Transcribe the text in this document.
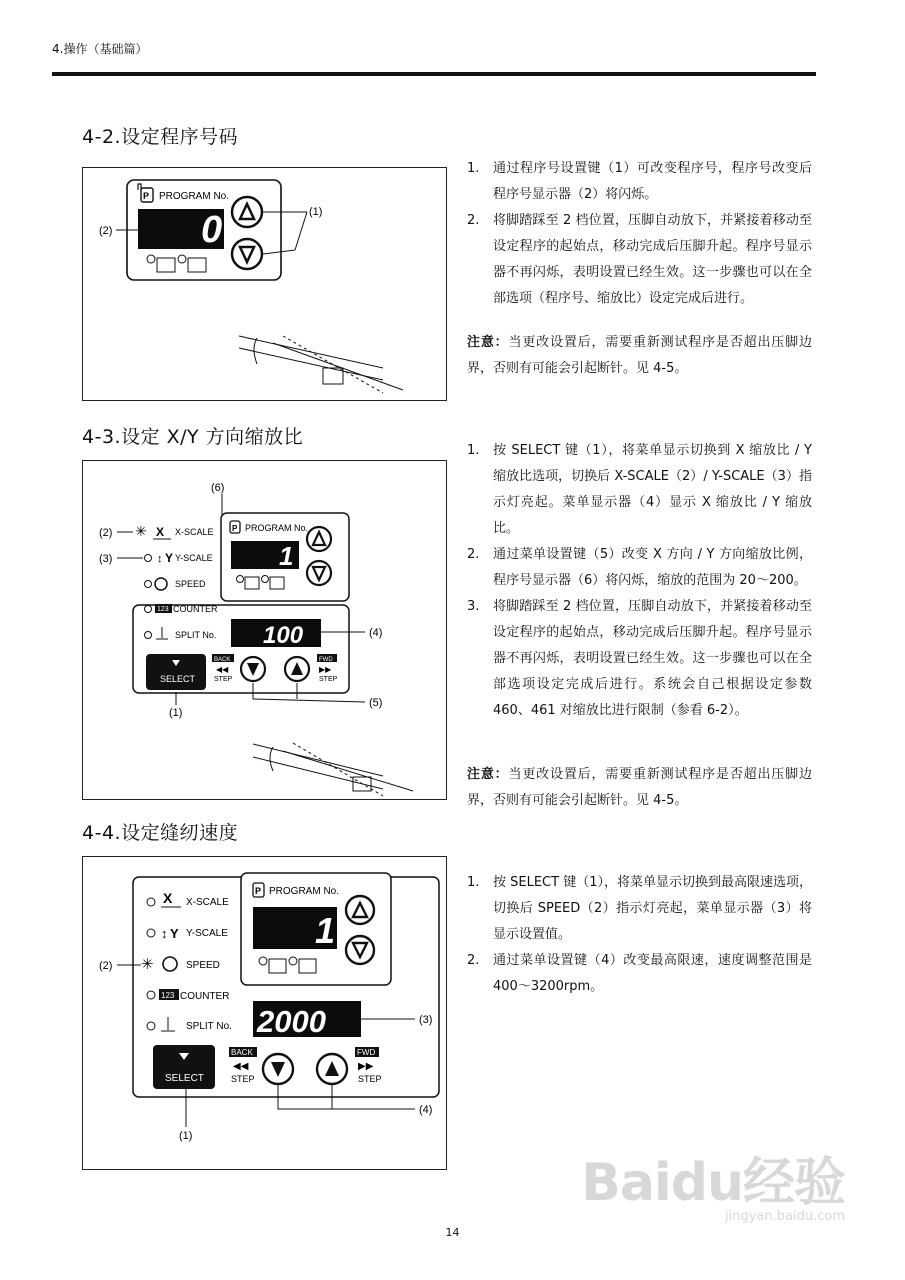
4.操作（基础篇）
4-2.设定程序号码
P PROGRAM No.
0
(2)
(1)
1. 通过程序号设置键（1）可改变程序号，程序号改变后程序号显示器（2）将闪烁。
2. 将脚踏踩至 2 档位置，压脚自动放下，并紧接着移动至设定程序的起始点，移动完成后压脚升起。程序号显示器不再闪烁，表明设置已经生效。这一步骤也可以在全部选项（程序号、缩放比）设定完成后进行。
注意：当更改设置后，需要重新测试程序是否超出压脚边界，否则有可能会引起断针。见 4-5。
4-3.设定 X/Y 方向缩放比
(6)
P PROGRAM No.
1
✳ X X-SCALE
↕ Y Y-SCALE
SPEED
123 COUNTER
SPLIT No. 100
SELECT
BACK
◀◀
STEP
FWD
▶▶
STEP
(2)
(3)
(4)
(5)
(1)
1. 按 SELECT 键（1），将菜单显示切换到 X 缩放比 / Y 缩放比选项，切换后 X-SCALE（2）/ Y-SCALE（3）指示灯亮起。菜单显示器（4）显示 X 缩放比 / Y 缩放比。
2. 通过菜单设置键（5）改变 X 方向 / Y 方向缩放比例，程序号显示器（6）将闪烁，缩放的范围为 20～200。
3. 将脚踏踩至 2 档位置，压脚自动放下，并紧接着移动至设定程序的起始点，移动完成后压脚升起。程序号显示器不再闪烁，表明设置已经生效。这一步骤也可以在全部选项设定完成后进行。系统会自己根据设定参数 460、461 对缩放比进行限制（参看 6-2）。
注意：当更改设置后，需要重新测试程序是否超出压脚边界，否则有可能会引起断针。见 4-5。
4-4.设定缝纫速度
P PROGRAM No.
1
X X-SCALE
↕ Y Y-SCALE
✳	SPEED
123 COUNTER
SPLIT No. 2000
SELECT
BACK
◀◀
STEP
FWD
▶▶
STEP
(2)
(3)
(1)
(4)
1. 按 SELECT 键（1），将菜单显示切换到最高限速选项，切换后 SPEED（2）指示灯亮起，菜单显示器（3）将显示设置值。
2. 通过菜单设置键（4）改变最高限速，速度调整范围是 400～3200rpm。
Baidu经验
jingyan.baidu.com
14
